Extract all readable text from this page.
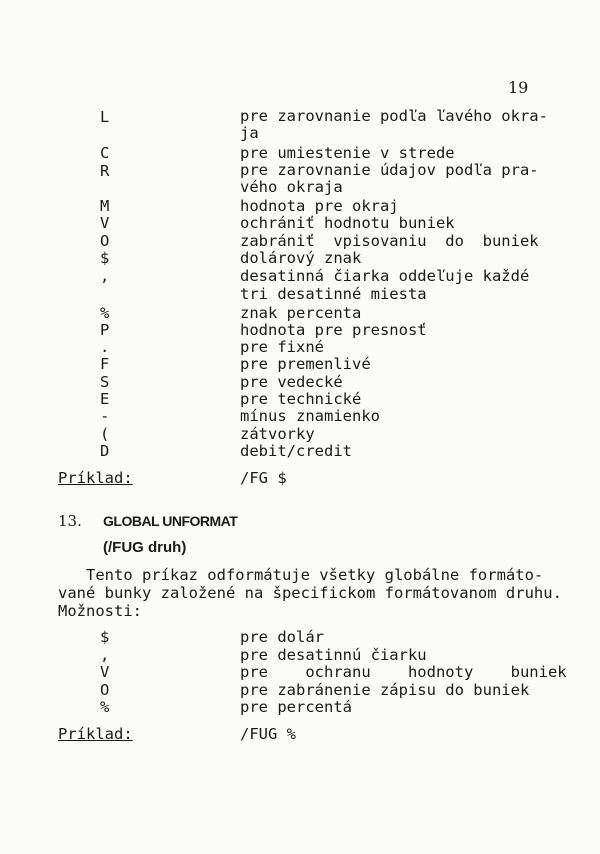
19
L	pre zarovnanie podľa ľavého okra-
ja
C	pre umiestenie v strede
R	pre zarovnanie údajov podľa pra-
vého okraja
M	hodnota pre okraj
V	ochrániť hodnotu buniek
O	zabrániť  vpisovaniu  do  buniek
$	dolárový znak
,	desatinná čiarka oddeľuje každé
tri desatinné miesta
%	znak percenta
P	hodnota pre presnosť
.	pre fixné
F	pre premenlivé
S	pre vedecké
E	pre technické
-	mínus znamienko
(	zátvorky
D	debit/credit
Príklad:	/FG $
13. GLOBAL UNFORMAT
(/FUG druh)
Tento príkaz odformátuje všetky globálne formáto-
vané bunky založené na špecifickom formátovanom druhu.
Možnosti:
$	pre dolár
,	pre desatinnú čiarku
V	pre    ochranu    hodnoty    buniek
O	pre zabránenie zápisu do buniek
%	pre percentá
Príklad:	/FUG %
